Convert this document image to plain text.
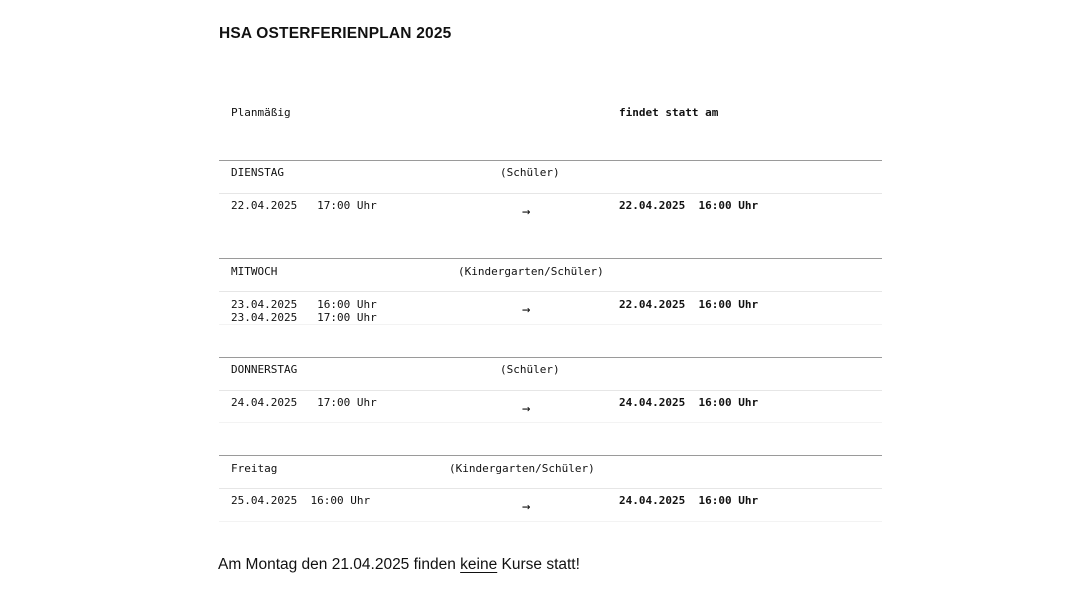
HSA OSTERFERIENPLAN 2025
Planmäßig	findet statt am
DIENSTAG	(Schüler)
22.04.2025   17:00 Uhr	→	22.04.2025  16:00 Uhr
MITWOCH	(Kindergarten/Schüler)
23.04.2025   16:00 Uhr
23.04.2025   17:00 Uhr	→	22.04.2025  16:00 Uhr
DONNERSTAG	(Schüler)
24.04.2025   17:00 Uhr	→	24.04.2025  16:00 Uhr
Freitag	(Kindergarten/Schüler)
25.04.2025  16:00 Uhr	→	24.04.2025  16:00 Uhr
Am Montag den 21.04.2025 finden keine Kurse statt!
